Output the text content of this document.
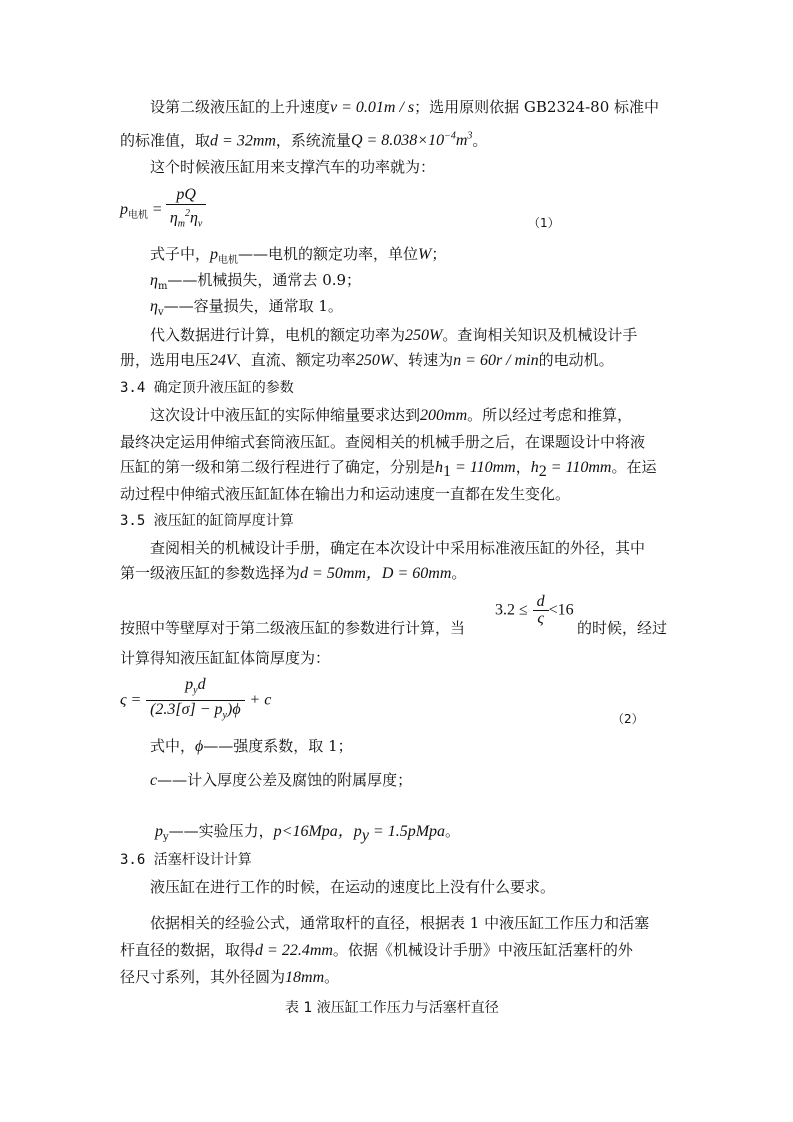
设第二级液压缸的上升速度v = 0.01m / s；选用原则依据 GB2324-80 标准中
的标准值，取d = 32mm，系统流量$Q = 8.038\times 10^{-4}m^3$。
这个时候液压缸用来支撑汽车的功率就为：
$p_{电机} = \frac{pQ}{\eta_m^2\eta_v}$	（1）
式子中，$p_{电机}——$电机的额定功率，单位W；
$\eta_m——$机械损失，通常去 0.9；
$\eta_v——$容量损失，通常取 1。
代入数据进行计算，电机的额定功率为250W。查询相关知识及机械设计手
册，选用电压24V、直流、额定功率250W、转速为n = 60r / min的电动机。
3.4 确定顶升液压缸的参数
这次设计中液压缸的实际伸缩量要求达到200mm。所以经过考虑和推算，
最终决定运用伸缩式套筒液压缸。查阅相关的机械手册之后，在课题设计中将液
压缸的第一级和第二级行程进行了确定，分别是$h_1 = 110mm$，$h_2 = 110mm$。在运
动过程中伸缩式液压缸缸体在输出力和运动速度一直都在发生变化。
3.5 液压缸的缸筒厚度计算
查阅相关的机械设计手册，确定在本次设计中采用标准液压缸的外径，其中
第一级液压缸的参数选择为d = 50mm，D = 60mm。
$3.2 \le \frac{d}{\varsigma} <16$
按照中等壁厚对于第二级液压缸的参数进行计算，当	的时候，经过
计算得知液压缸缸体筒厚度为：
$\varsigma = \frac{p_yd}{(2.3[\sigma] - p_y)\phi} + c$
（2）
式中，ϕ——强度系数，取 1；
c——计入厚度公差及腐蚀的附属厚度；
$p_y——$实验压力，p<16Mpa，$p_y$ = 1.5pMpa。
3.6 活塞杆设计计算
液压缸在进行工作的时候，在运动的速度比上没有什么要求。
依据相关的经验公式，通常取杆的直径，根据表 1 中液压缸工作压力和活塞
杆直径的数据，取得d = 22.4mm。依据《机械设计手册》中液压缸活塞杆的外
径尺寸系列，其外径圆为18mm。
表 1 液压缸工作压力与活塞杆直径
